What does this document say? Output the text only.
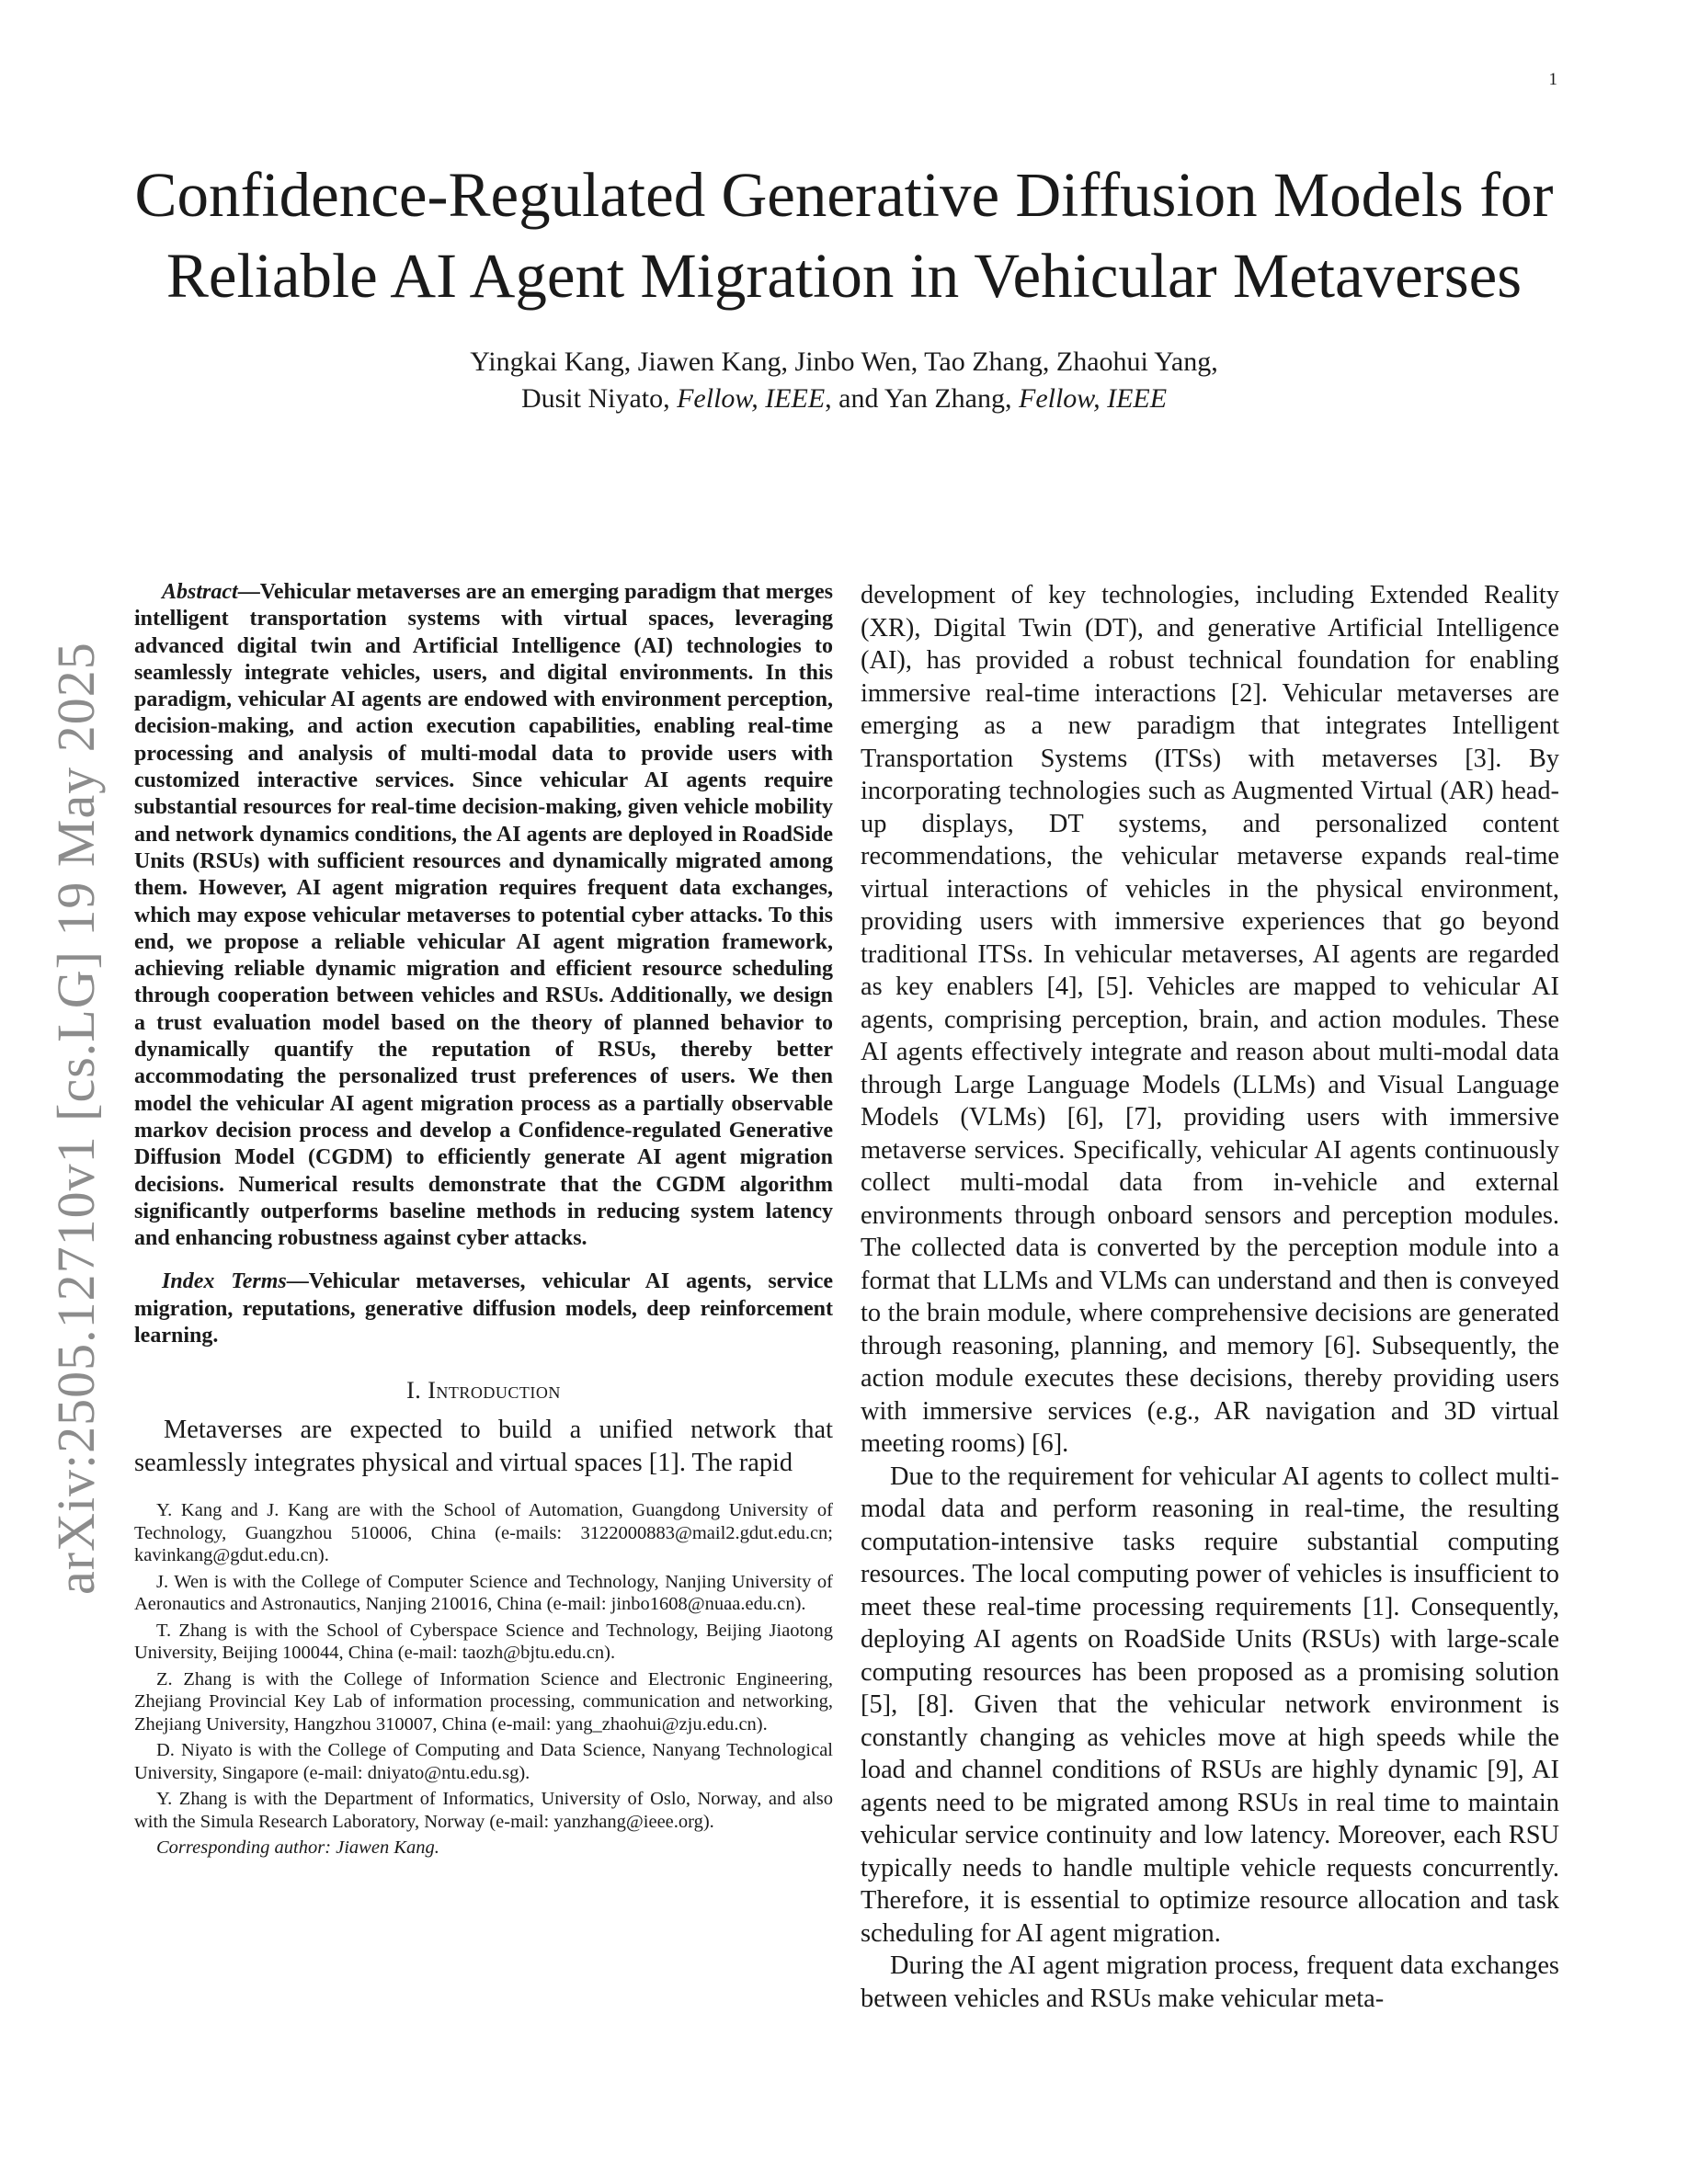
1
arXiv:2505.12710v1 [cs.LG] 19 May 2025
Confidence-Regulated Generative Diffusion Models for Reliable AI Agent Migration in Vehicular Metaverses
Yingkai Kang, Jiawen Kang, Jinbo Wen, Tao Zhang, Zhaohui Yang,
Dusit Niyato, Fellow, IEEE, and Yan Zhang, Fellow, IEEE

Abstract—Vehicular metaverses are an emerging paradigm that merges intelligent transportation systems with virtual spaces, leveraging advanced digital twin and Artificial Intelligence (AI) technologies to seamlessly integrate vehicles, users, and digital environments. In this paradigm, vehicular AI agents are endowed with environment perception, decision-making, and action execution capabilities, enabling real-time processing and analysis of multi-modal data to provide users with customized interactive services. Since vehicular AI agents require substantial resources for real-time decision-making, given vehicle mobility and network dynamics conditions, the AI agents are deployed in RoadSide Units (RSUs) with sufficient resources and dynamically migrated among them. However, AI agent migration requires frequent data exchanges, which may expose vehicular metaverses to potential cyber attacks. To this end, we propose a reliable vehicular AI agent migration framework, achieving reliable dynamic migration and efficient resource scheduling through cooperation between vehicles and RSUs. Additionally, we design a trust evaluation model based on the theory of planned behavior to dynamically quantify the reputation of RSUs, thereby better accommodating the personalized trust preferences of users. We then model the vehicular AI agent migration process as a partially observable markov decision process and develop a Confidence-regulated Generative Diffusion Model (CGDM) to efficiently generate AI agent migration decisions. Numerical results demonstrate that the CGDM algorithm significantly outperforms baseline methods in reducing system latency and enhancing robustness against cyber attacks.

Index Terms—Vehicular metaverses, vehicular AI agents, service migration, reputations, generative diffusion models, deep reinforcement learning.

I. Introduction

Metaverses are expected to build a unified network that seamlessly integrates physical and virtual spaces [1]. The rapid

Y. Kang and J. Kang are with the School of Automation, Guangdong University of Technology, Guangzhou 510006, China (e-mails: 3122000883@mail2.gdut.edu.cn; kavinkang@gdut.edu.cn).

J. Wen is with the College of Computer Science and Technology, Nanjing University of Aeronautics and Astronautics, Nanjing 210016, China (e-mail: jinbo1608@nuaa.edu.cn).

T. Zhang is with the School of Cyberspace Science and Technology, Beijing Jiaotong University, Beijing 100044, China (e-mail: taozh@bjtu.edu.cn).

Z. Zhang is with the College of Information Science and Electronic Engineering, Zhejiang Provincial Key Lab of information processing, communication and networking, Zhejiang University, Hangzhou 310007, China (e-mail: yang_zhaohui@zju.edu.cn).

D. Niyato is with the College of Computing and Data Science, Nanyang Technological University, Singapore (e-mail: dniyato@ntu.edu.sg).

Y. Zhang is with the Department of Informatics, University of Oslo, Norway, and also with the Simula Research Laboratory, Norway (e-mail: yanzhang@ieee.org).

Corresponding author: Jiawen Kang.

development of key technologies, including Extended Reality (XR), Digital Twin (DT), and generative Artificial Intelligence (AI), has provided a robust technical foundation for enabling immersive real-time interactions [2]. Vehicular metaverses are emerging as a new paradigm that integrates Intelligent Transportation Systems (ITSs) with metaverses [3]. By incorporating technologies such as Augmented Virtual (AR) head-up displays, DT systems, and personalized content recommendations, the vehicular metaverse expands real-time virtual interactions of vehicles in the physical environment, providing users with immersive experiences that go beyond traditional ITSs. In vehicular metaverses, AI agents are regarded as key enablers [4], [5]. Vehicles are mapped to vehicular AI agents, comprising perception, brain, and action modules. These AI agents effectively integrate and reason about multi-modal data through Large Language Models (LLMs) and Visual Language Models (VLMs) [6], [7], providing users with immersive metaverse services. Specifically, vehicular AI agents continuously collect multi-modal data from in-vehicle and external environments through onboard sensors and perception modules. The collected data is converted by the perception module into a format that LLMs and VLMs can understand and then is conveyed to the brain module, where comprehensive decisions are generated through reasoning, planning, and memory [6]. Subsequently, the action module executes these decisions, thereby providing users with immersive services (e.g., AR navigation and 3D virtual meeting rooms) [6].

Due to the requirement for vehicular AI agents to collect multi-modal data and perform reasoning in real-time, the resulting computation-intensive tasks require substantial computing resources. The local computing power of vehicles is insufficient to meet these real-time processing requirements [1]. Consequently, deploying AI agents on RoadSide Units (RSUs) with large-scale computing resources has been proposed as a promising solution [5], [8]. Given that the vehicular network environment is constantly changing as vehicles move at high speeds while the load and channel conditions of RSUs are highly dynamic [9], AI agents need to be migrated among RSUs in real time to maintain vehicular service continuity and low latency. Moreover, each RSU typically needs to handle multiple vehicle requests concurrently. Therefore, it is essential to optimize resource allocation and task scheduling for AI agent migration.

During the AI agent migration process, frequent data exchanges between vehicles and RSUs make vehicular meta-
